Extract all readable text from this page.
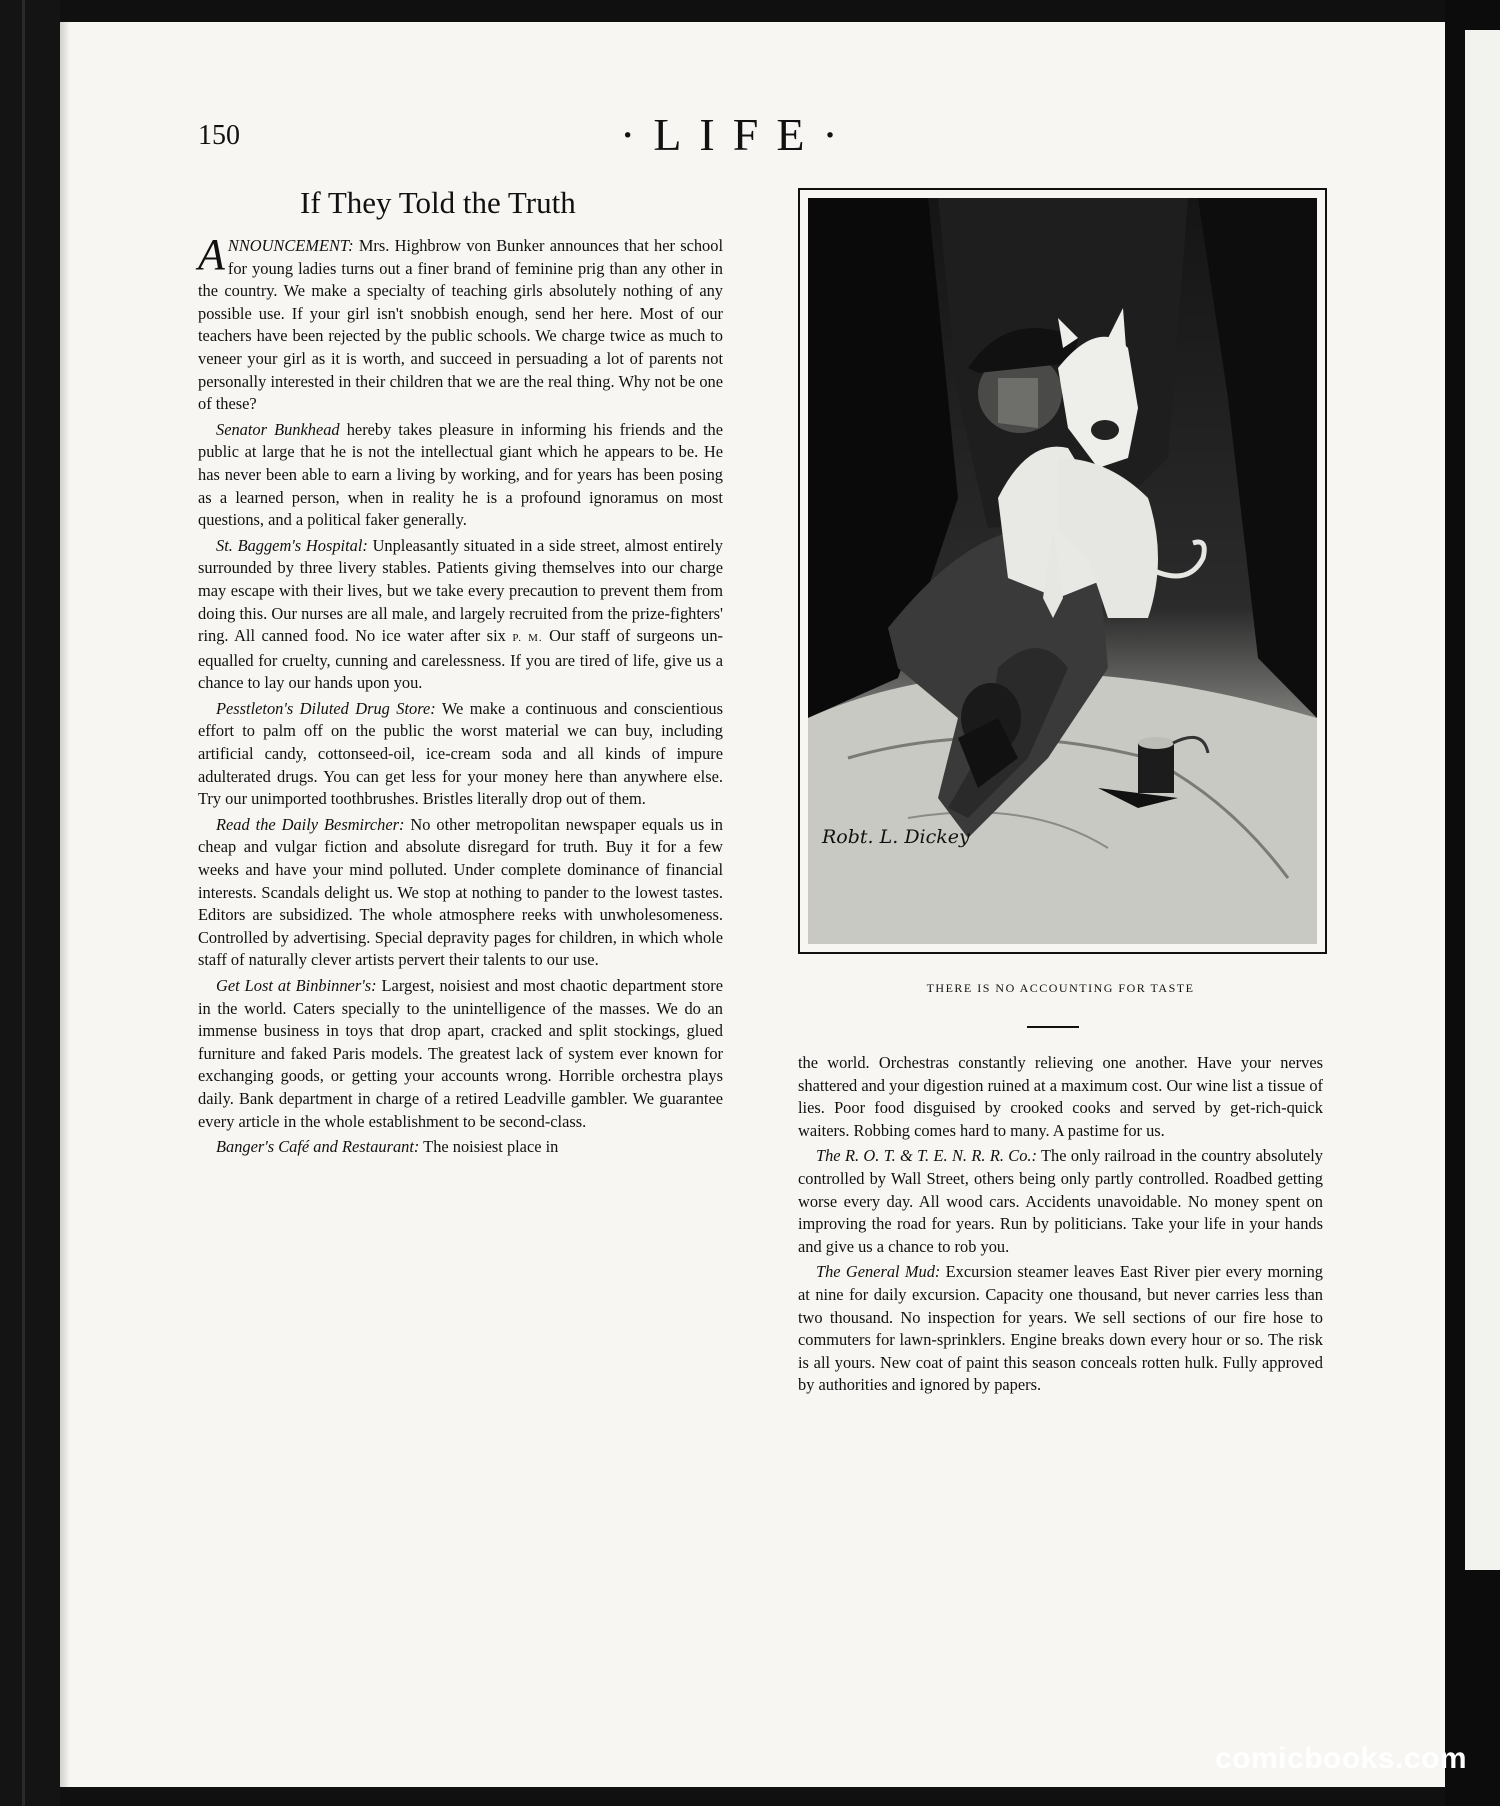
150	·LIFE·
If They Told the Truth

ANNOUNCEMENT: Mrs. Highbrow von Bunker announces that her school for young ladies turns out a finer brand of feminine prig than any other in the country. We make a specialty of teaching girls absolutely nothing of any possible use. If your girl isn't snobbish enough, send her here. Most of our teachers have been rejected by the public schools. We charge twice as much to veneer your girl as it is worth, and succeed in persuading a lot of parents not personally interested in their children that we are the real thing. Why not be one of these?

Senator Bunkhead hereby takes pleasure in informing his friends and the public at large that he is not the intellectual giant which he appears to be. He has never been able to earn a living by working, and for years has been posing as a learned person, when in reality he is a profound ignoramus on most questions, and a political faker generally.

St. Baggem's Hospital: Unpleasantly situated in a side street, almost entirely surrounded by three livery stables. Patients giving themselves into our charge may escape with their lives, but we take every precaution to prevent them from doing this. Our nurses are all male, and largely recruited from the prize-fighters' ring. All canned food. No ice water after six P. M. Our staff of surgeons unequalled for cruelty, cunning and carelessness. If you are tired of life, give us a chance to lay our hands upon you.

Pesstleton's Diluted Drug Store: We make a continuous and conscientious effort to palm off on the public the worst material we can buy, including artificial candy, cottonseed-oil, ice-cream soda and all kinds of impure adulterated drugs. You can get less for your money here than anywhere else. Try our unimported toothbrushes. Bristles literally drop out of them.

Read the Daily Besmircher: No other metropolitan newspaper equals us in cheap and vulgar fiction and absolute disregard for truth. Buy it for a few weeks and have your mind polluted. Under complete dominance of financial interests. Scandals delight us. We stop at nothing to pander to the lowest tastes. Editors are subsidized. The whole atmosphere reeks with unwholesomeness. Controlled by advertising. Special depravity pages for children, in which whole staff of naturally clever artists pervert their talents to our use.

Get Lost at Binbinner's: Largest, noisiest and most chaotic department store in the world. Caters specially to the unintelligence of the masses. We do an immense business in toys that drop apart, cracked and split stockings, glued furniture and faked Paris models. The greatest lack of system ever known for exchanging goods, or getting your accounts wrong. Horrible orchestra plays daily. Bank department in charge of a retired Leadville gambler. We guarantee every article in the whole establishment to be second-class.

Banger's Café and Restaurant: The noisiest place in

Robt. L. Dickey
THERE IS NO ACCOUNTING FOR TASTE

the world. Orchestras constantly relieving one another. Have your nerves shattered and your digestion ruined at a maximum cost. Our wine list a tissue of lies. Poor food disguised by crooked cooks and served by get-rich-quick waiters. Robbing comes hard to many. A pastime for us.

The R. O. T. & T. E. N. R. R. Co.: The only railroad in the country absolutely controlled by Wall Street, others being only partly controlled. Roadbed getting worse every day. All wood cars. Accidents unavoidable. No money spent on improving the road for years. Run by politicians. Take your life in your hands and give us a chance to rob you.

The General Mud: Excursion steamer leaves East River pier every morning at nine for daily excursion. Capacity one thousand, but never carries less than two thousand. No inspection for years. We sell sections of our fire hose to commuters for lawn-sprinklers. Engine breaks down every hour or so. The risk is all yours. New coat of paint this season conceals rotten hulk. Fully approved by authorities and ignored by papers.

comicbooks.com
